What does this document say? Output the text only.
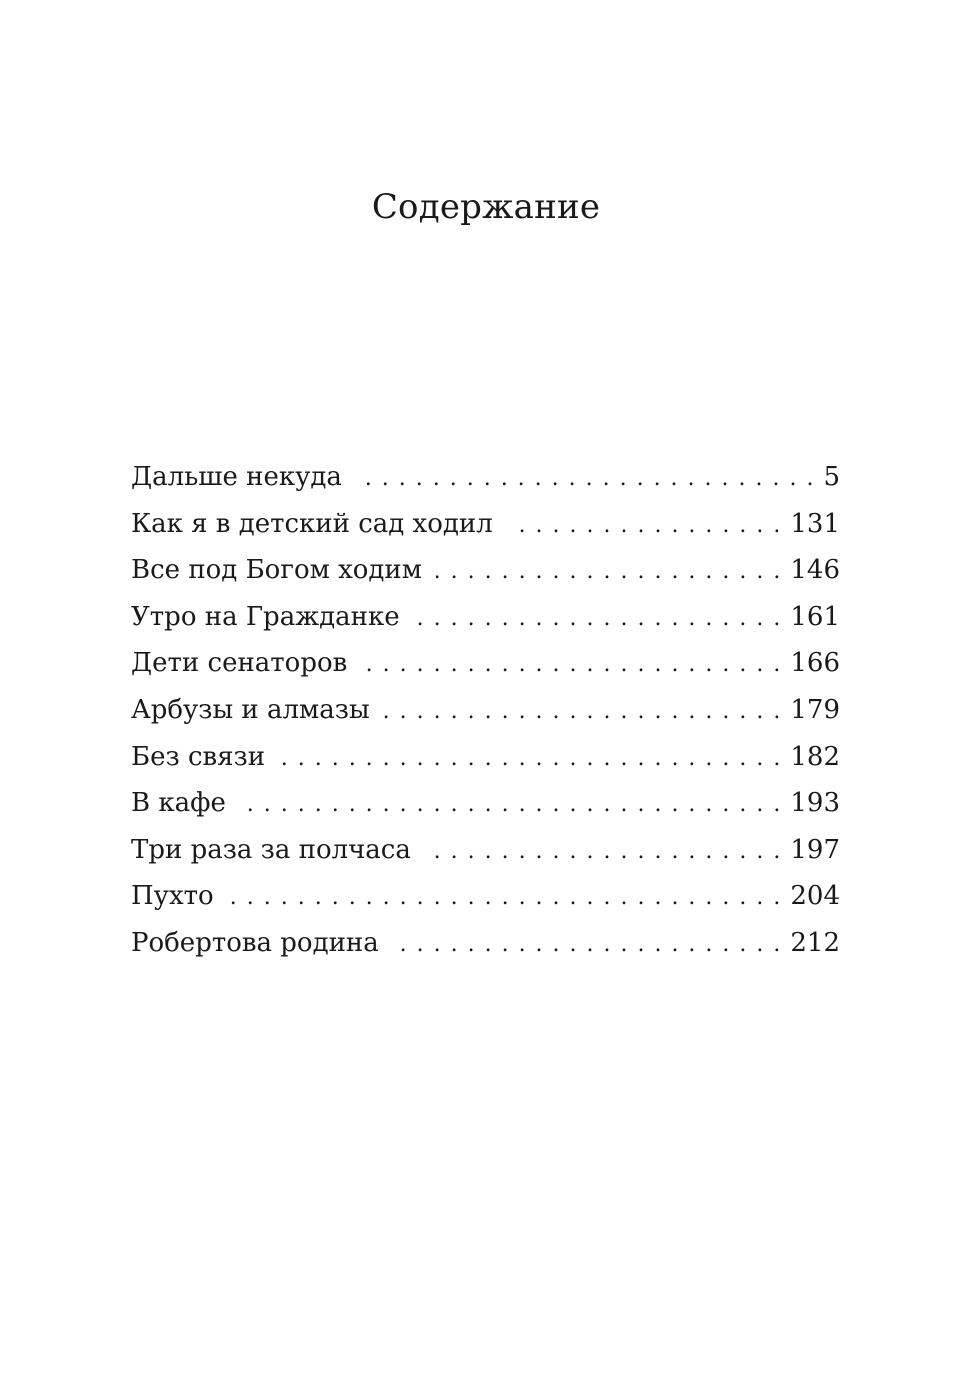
Содержание
Дальше некуда . . .	5
Как я в детский сад ходил . . .	131
Все под Богом ходим . . .	146
Утро на Гражданке . . .	161
Дети сенаторов . . .	166
Арбузы и алмазы . . .	179
Без связи . . .	182
В кафе . . .	193
Три раза за полчаса . . .	197
Пухто . . .	204
Робертова родина . . .	212
